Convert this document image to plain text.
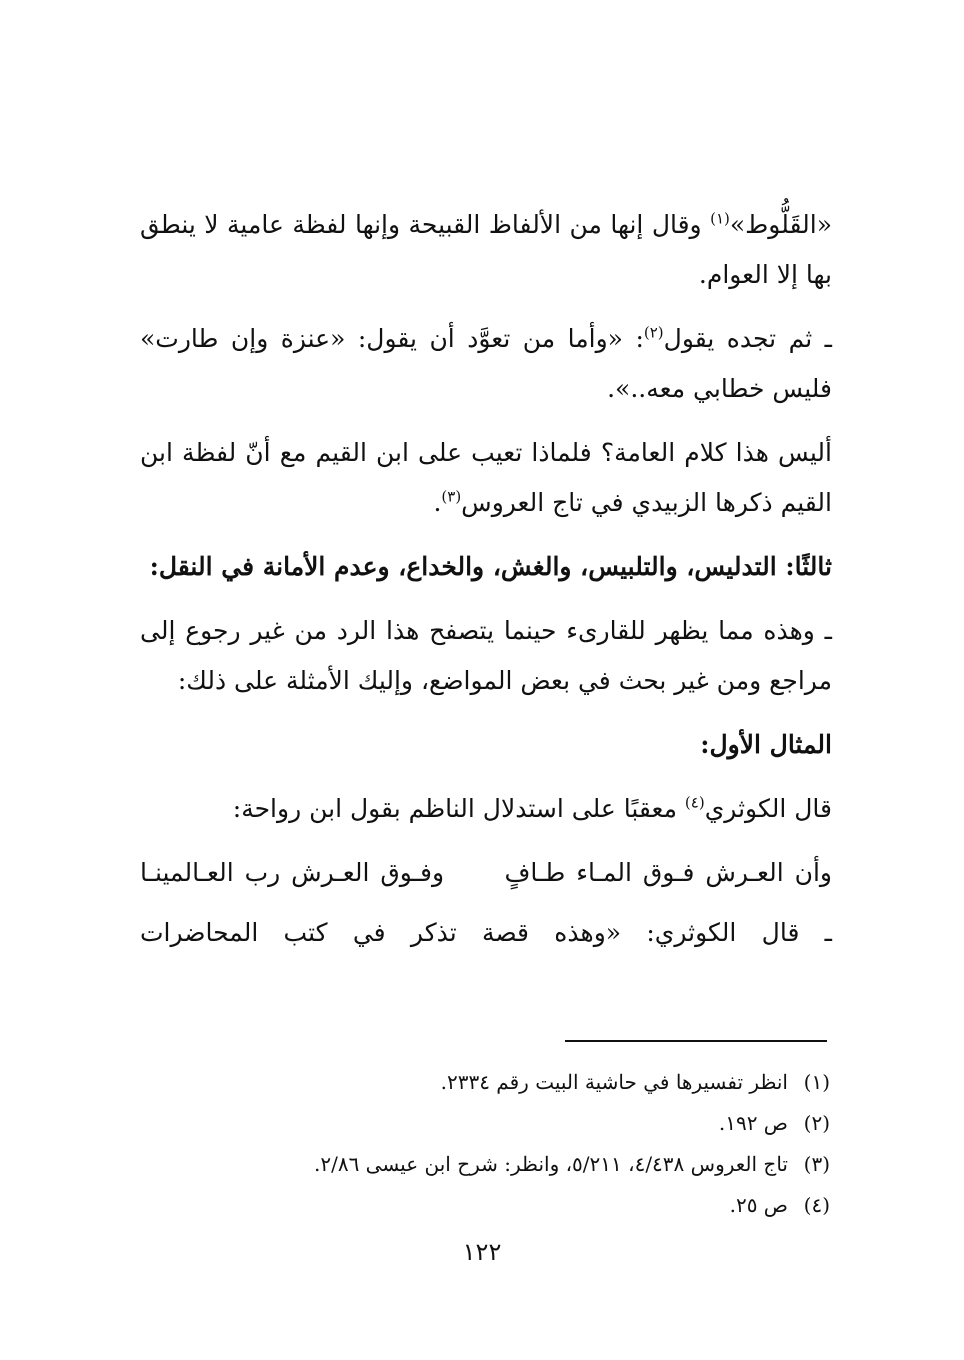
«القَلُّوط»$^{(١)}$ وقال إنها من الألفاظ القبيحة وإنها لفظة عامية لا ينطق بها إلا العوام.

ـ ثم تجده يقول$^{(٢)}$: «وأما من تعوَّد أن يقول: «عنزة وإن طارت» فليس خطابي معه..».

أليس هذا كلام العامة؟ فلماذا تعيب على ابن القيم مع أنّ لفظة ابن القيم ذكرها الزبيدي في تاج العروس$^{(٣)}$.

ثالثًا: التدليس، والتلبيس، والغش، والخداع، وعدم الأمانة في النقل:

ـ وهذه مما يظهر للقارىء حينما يتصفح هذا الرد من غير رجوع إلى مراجع ومن غير بحث في بعض المواضع، وإليك الأمثلة على ذلك:

المثال الأول:

قال الكوثري$^{(٤)}$ معقبًا على استدلال الناظم بقول ابن رواحة:

وأن العـرش فـوق المـاء طـافٍ
وفـوق العـرش رب العـالمينـا

ـ قال الكوثري: «وهذه قصة تذكر في كتب المحاضرات

(١)
انظر تفسيرها في حاشية البيت رقم ٢٣٣٤.
(٢)
ص ١٩٢.
(٣)
تاج العروس ٤/٤٣٨، ٥/٢١١، وانظر: شرح ابن عيسى ٢/٨٦.
(٤)
ص ٢٥.
١٢٢
